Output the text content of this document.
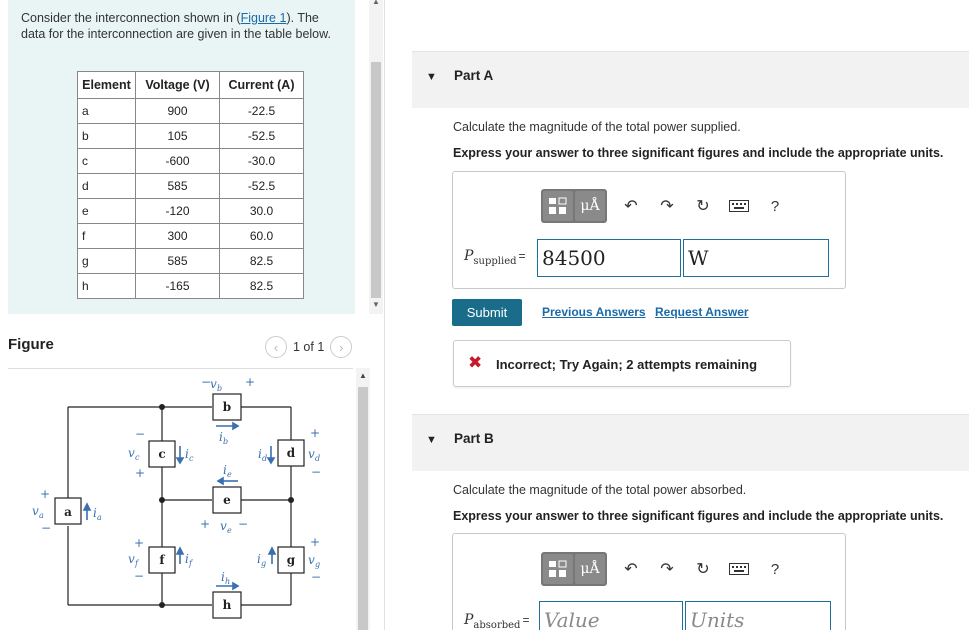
Consider the interconnection shown in (Figure 1). The data for the interconnection are given in the table below.

Element	Voltage (V)	Current (A)
a	900	-22.5
b	105	-52.5
c	-600	-30.0
d	585	-52.5
e	-120	30.0
f	300	60.0
g	585	82.5
h	-165	82.5
▲
▼
Figure	‹	1 of 1	›
▲
a
b
c	d
e
f	g
h
v a
+
−
i a
−
v b +
i b
v c
−
+
i c	i d
+
v d
−
i e
+ v e −
+
v f
−
i f	i g
+
v g
−
i h
▼ Part A
Calculate the magnitude of the total power supplied.
Express your answer to three significant figures and include the appropriate units.
μÅ	↶	↷	↻	?
$P_{supplied} = 84500$	W
Submit	Previous Answers Request Answer
✖ Incorrect; Try Again; 2 attempts remaining
▼ Part B
Calculate the magnitude of the total power absorbed.
Express your answer to three significant figures and include the appropriate units.
μÅ	↶	↷	↻	?
$P_{absorbed}$ = Value	Units
